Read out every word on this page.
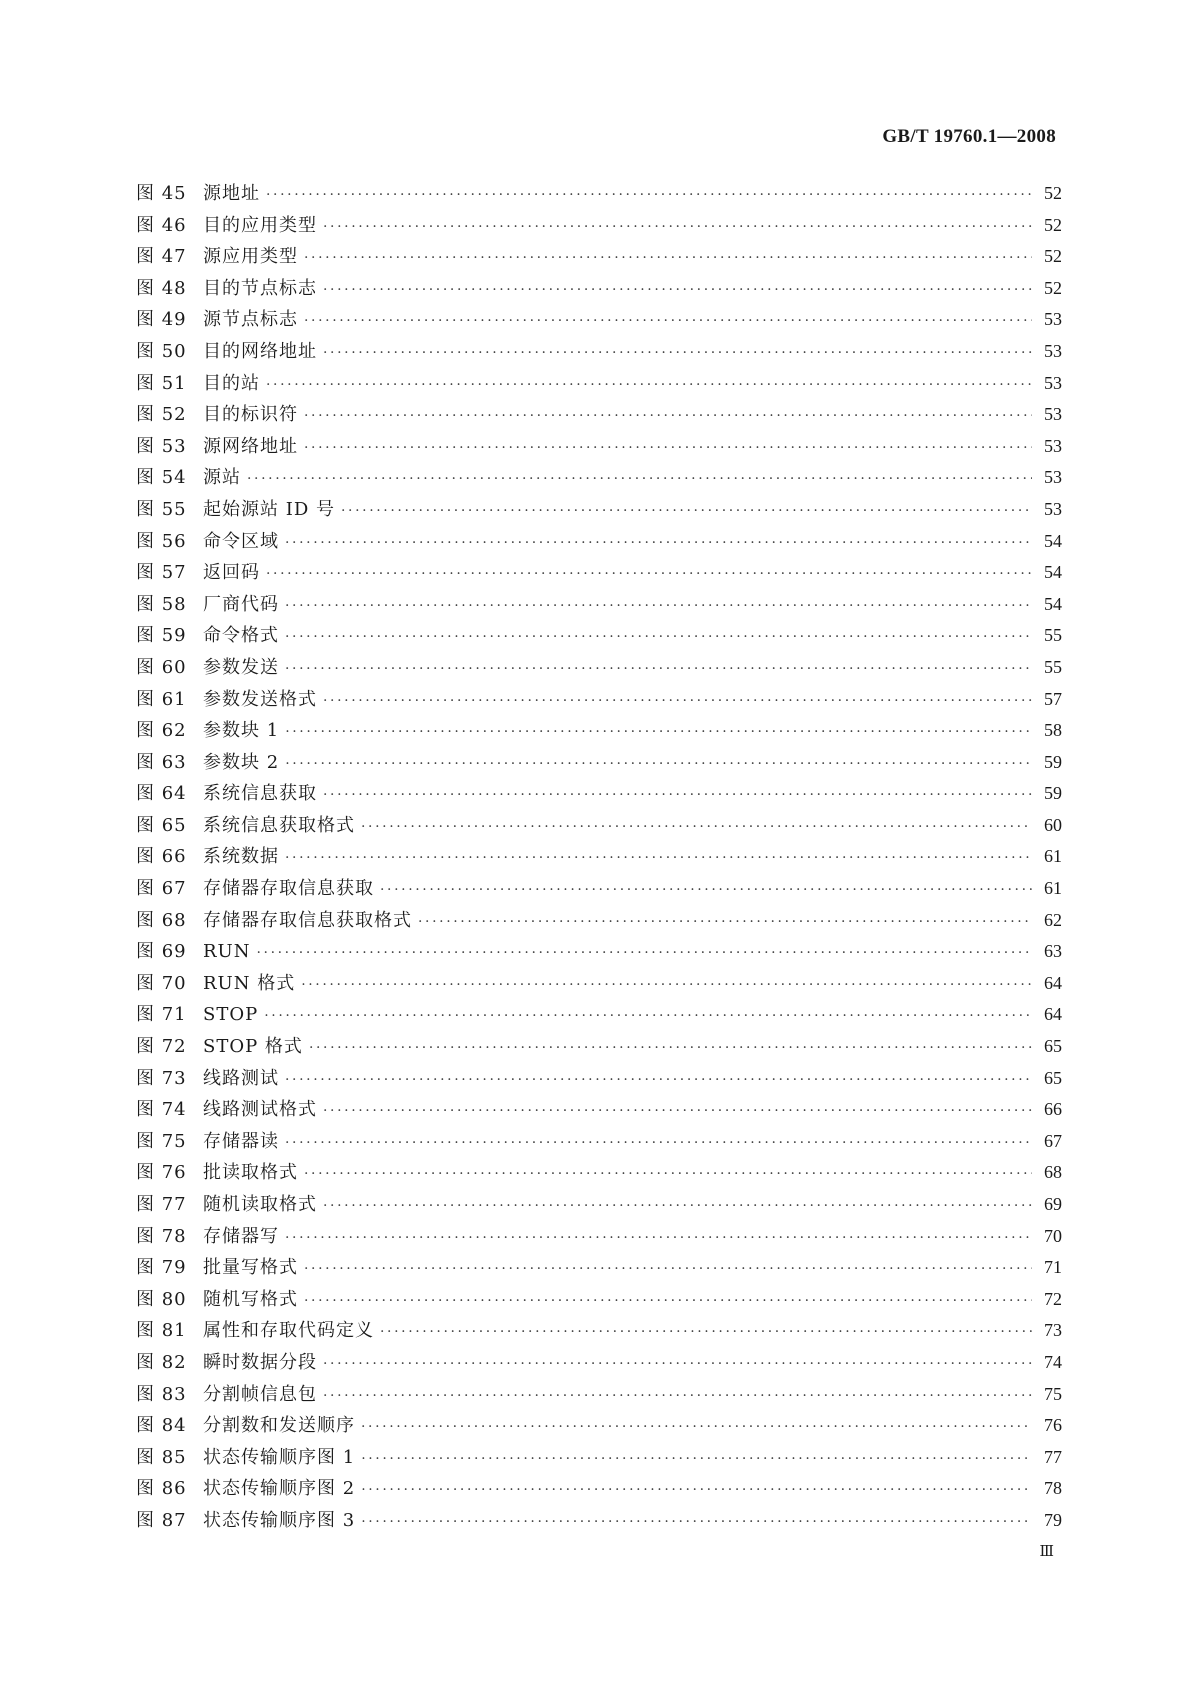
GB/T 19760.1—2008
图 45 源地址 ·····	52
图 46 目的应用类型 ·····	52
图 47 源应用类型 ·····	52
图 48 目的节点标志 ·····	52
图 49 源节点标志 ·····	53
图 50 目的网络地址 ·····	53
图 51 目的站 ·····	53
图 52 目的标识符 ·····	53
图 53 源网络地址 ·····	53
图 54 源站 ·····	53
图 55 起始源站 ID 号 ·····	53
图 56 命令区域 ·····	54
图 57 返回码 ·····	54
图 58 厂商代码 ·····	54
图 59 命令格式 ·····	55
图 60 参数发送 ·····	55
图 61 参数发送格式 ·····	57
图 62 参数块 1 ·····	58
图 63 参数块 2 ·····	59
图 64 系统信息获取 ·····	59
图 65 系统信息获取格式 ·····	60
图 66 系统数据 ·····	61
图 67 存储器存取信息获取 ·····	61
图 68 存储器存取信息获取格式 ·····	62
图 69 RUN ·····	63
图 70 RUN 格式 ·····	64
图 71 STOP ·····	64
图 72 STOP 格式 ·····	65
图 73 线路测试 ·····	65
图 74 线路测试格式 ·····	66
图 75 存储器读 ·····	67
图 76 批读取格式 ·····	68
图 77 随机读取格式 ·····	69
图 78 存储器写 ·····	70
图 79 批量写格式 ·····	71
图 80 随机写格式 ·····	72
图 81 属性和存取代码定义 ·····	73
图 82 瞬时数据分段 ·····	74
图 83 分割帧信息包 ·····	75
图 84 分割数和发送顺序 ·····	76
图 85 状态传输顺序图 1 ·····	77
图 86 状态传输顺序图 2 ·····	78
图 87 状态传输顺序图 3 ·····	79
Ⅲ
